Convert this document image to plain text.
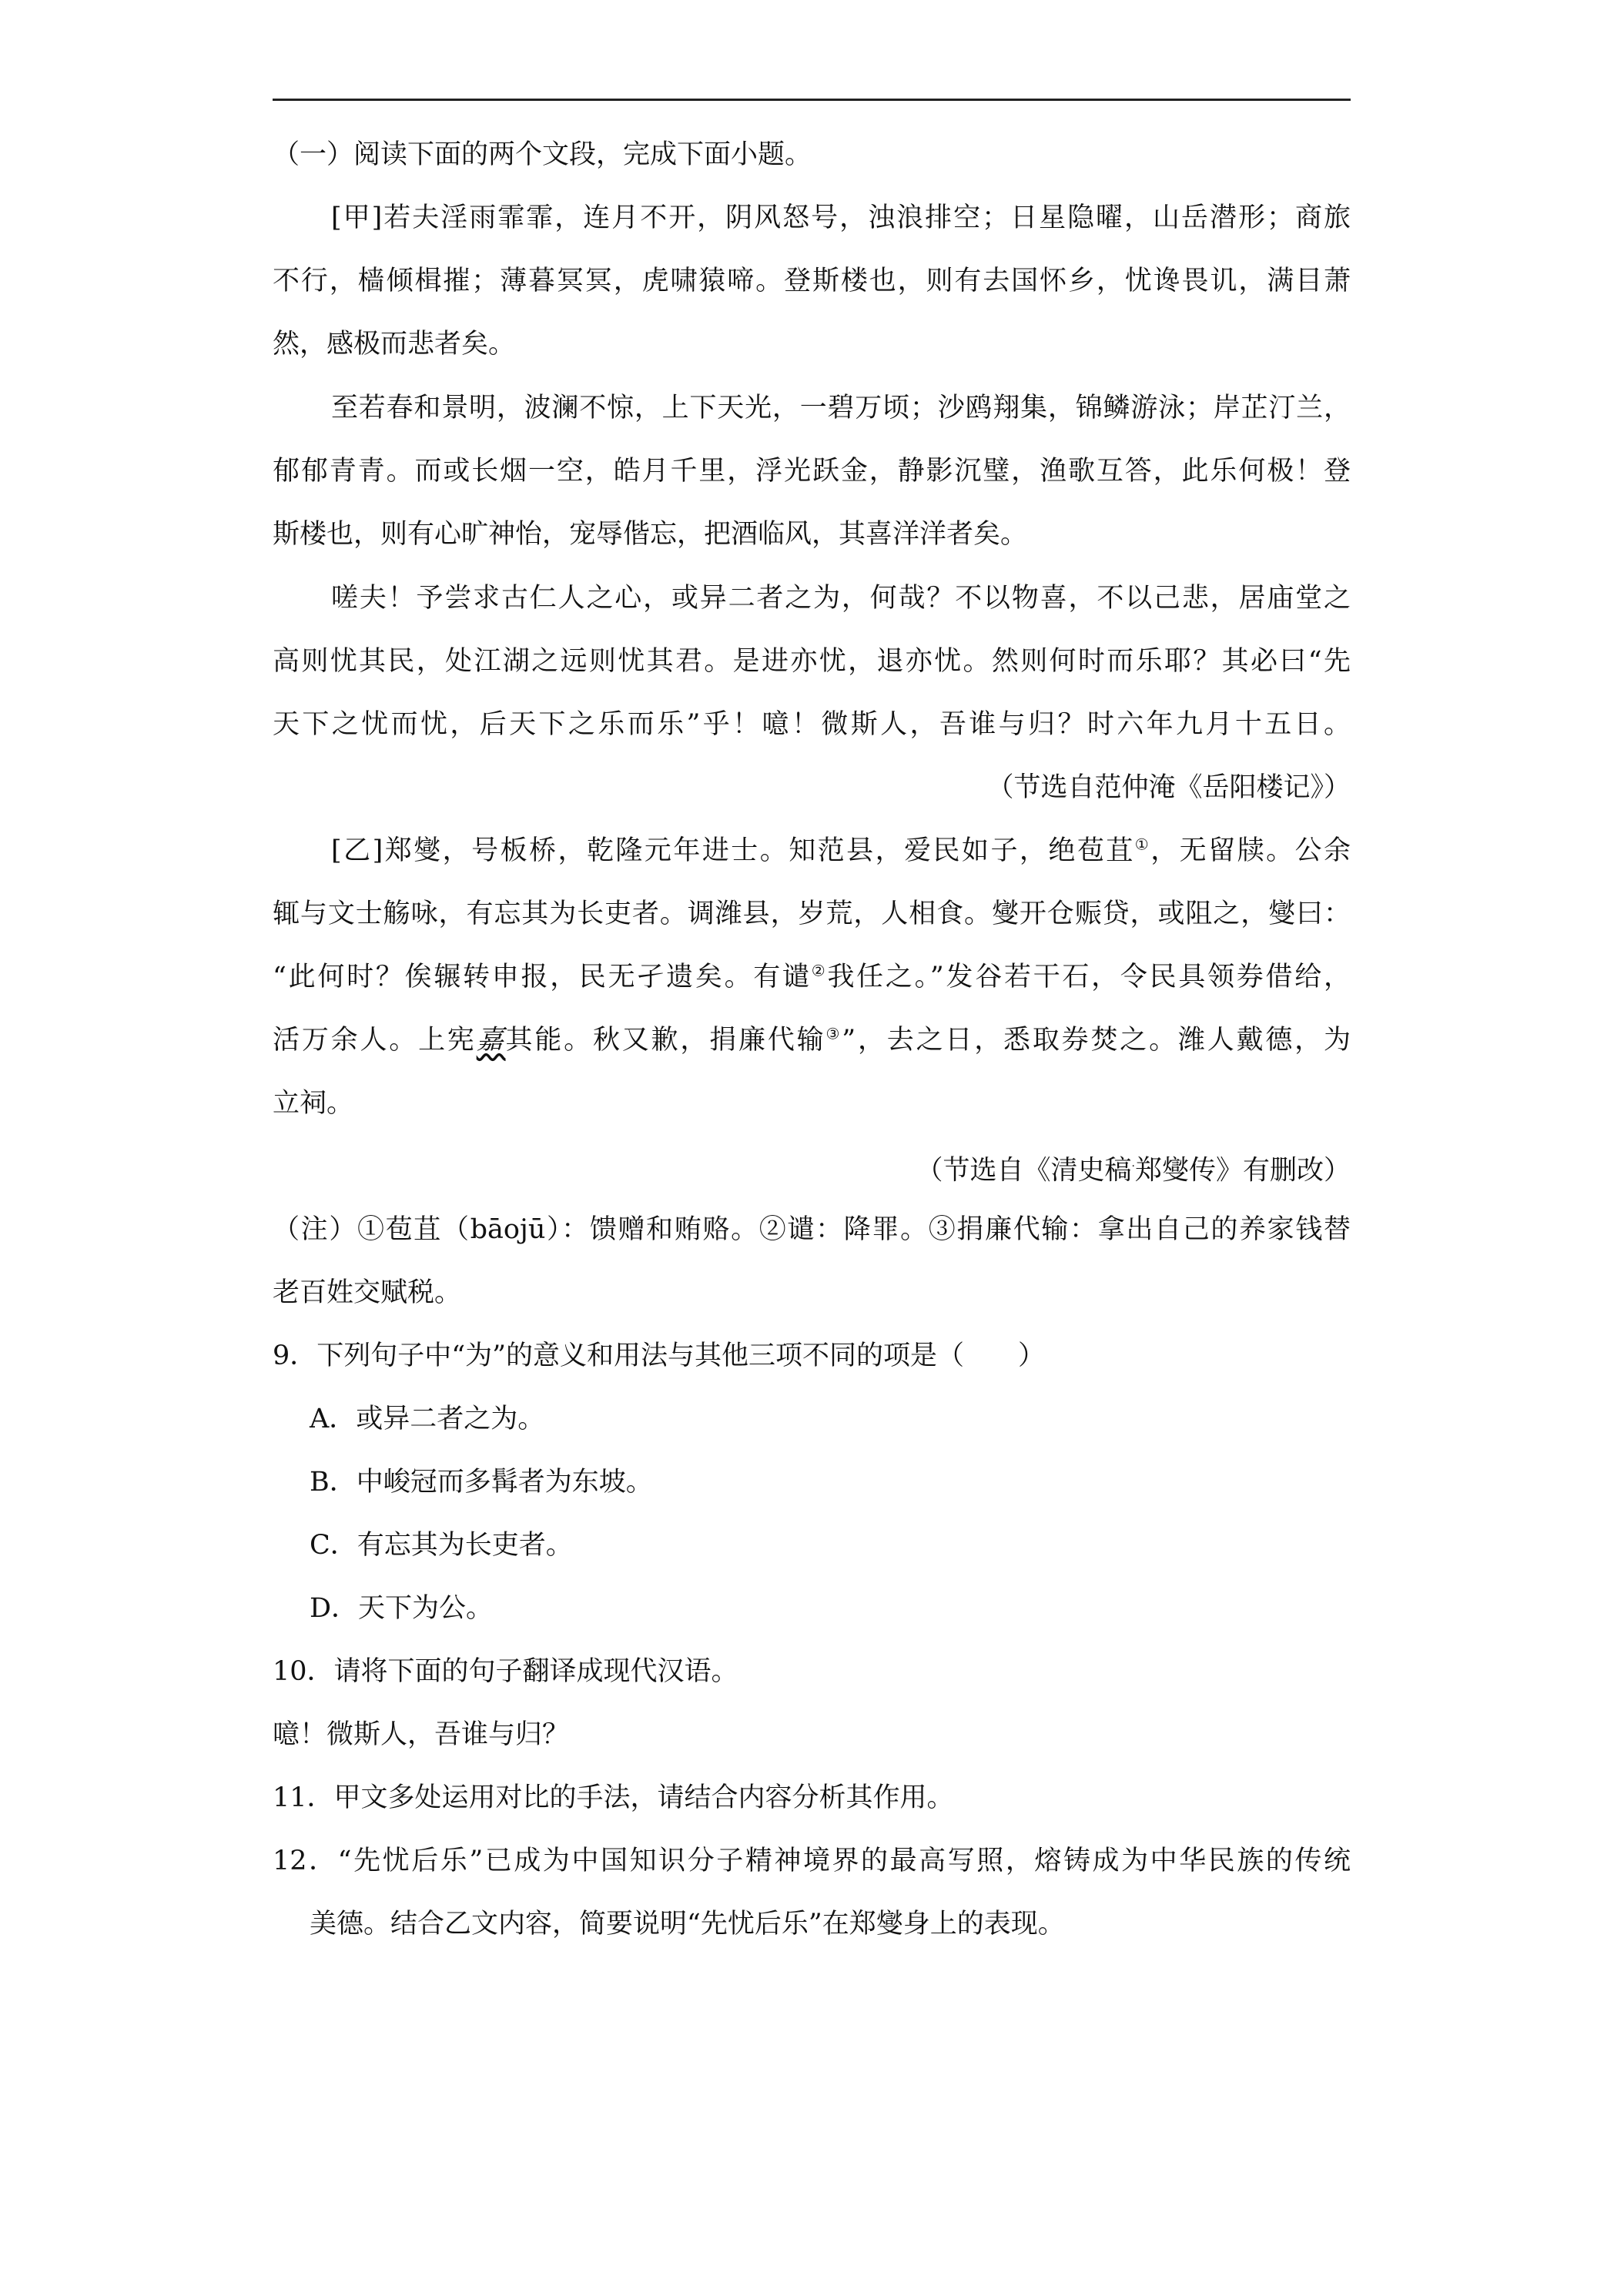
（一）阅读下面的两个文段，完成下面小题。
[甲]若夫淫雨霏霏，连月不开，阴风怒号，浊浪排空；日星隐曜，山岳潜形；商旅
不行，樯倾楫摧；薄暮冥冥，虎啸猿啼。登斯楼也，则有去国怀乡，忧谗畏讥，满目萧
然，感极而悲者矣。
至若春和景明，波澜不惊，上下天光，一碧万顷；沙鸥翔集，锦鳞游泳；岸芷汀兰，
郁郁青青。而或长烟一空，皓月千里，浮光跃金，静影沉璧，渔歌互答，此乐何极！登
斯楼也，则有心旷神怡，宠辱偕忘，把酒临风，其喜洋洋者矣。
嗟夫！予尝求古仁人之心，或异二者之为，何哉？不以物喜，不以己悲，居庙堂之
高则忧其民，处江湖之远则忧其君。是进亦忧，退亦忧。然则何时而乐耶？其必曰“先
天下之忧而忧，后天下之乐而乐”乎！噫！微斯人，吾谁与归？时六年九月十五日。
（节选自范仲淹《岳阳楼记》）
[乙]郑燮，号板桥，乾隆元年进士。知范县，爱民如子，绝苞苴①，无留牍。公余
辄与文士觞咏，有忘其为长吏者。调潍县，岁荒，人相食。燮开仓赈贷，或阻之，燮曰：
“此何时？俟辗转申报，民无孑遗矣。有谴②我任之。”发谷若干石，令民具领券借给，
活万余人。上宪嘉其能。秋又歉，捐廉代输③”，去之日，悉取券焚之。潍人戴德，为
立祠。
（节选自《清史稿·郑燮传》有删改）
（注）①苞苴（bāojū）：馈赠和贿赂。②谴：降罪。③捐廉代输：拿出自己的养家钱替
老百姓交赋税。
9．下列句子中“为”的意义和用法与其他三项不同的项是（　　）
A．或异二者之为。
B．中峻冠而多髯者为东坡。
C．有忘其为长吏者。
D．天下为公。
10．请将下面的句子翻译成现代汉语。
噫！微斯人，吾谁与归？
11．甲文多处运用对比的手法，请结合内容分析其作用。
12．“先忧后乐”已成为中国知识分子精神境界的最高写照，熔铸成为中华民族的传统
美德。结合乙文内容，简要说明“先忧后乐”在郑燮身上的表现。
